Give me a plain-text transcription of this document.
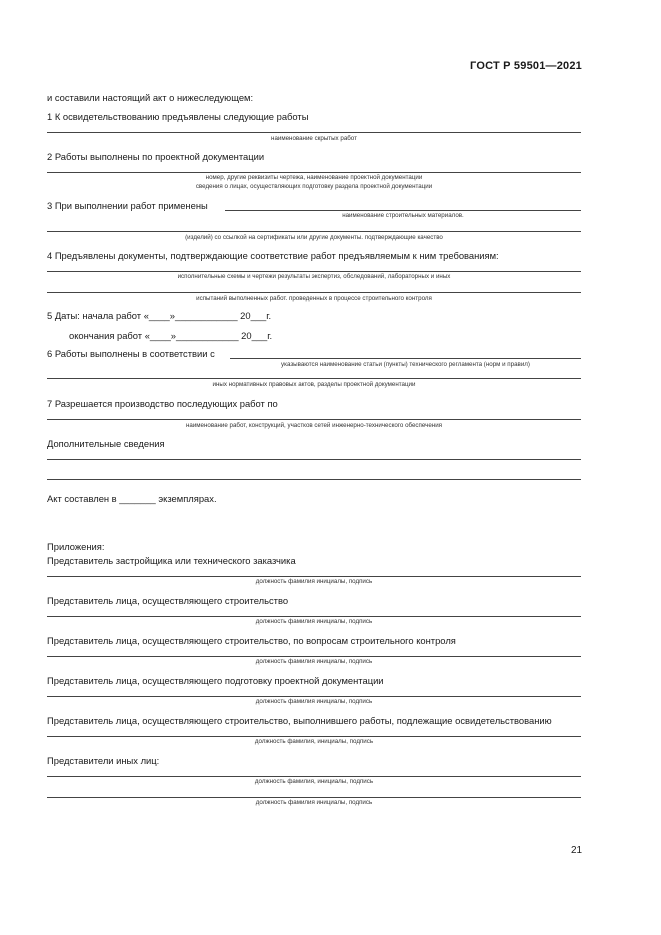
ГОСТ Р 59501—2021
и составили настоящий акт о нижеследующем:
1 К освидетельствованию предъявлены следующие работы
наименование скрытых работ
2 Работы выполнены по проектной документации
номер, другие реквизиты чертежа, наименование проектной документации
сведения о лицах, осуществляющих подготовку раздела проектной документации
3 При выполнении работ применены
наименование строительных материалов.
(изделий) со ссылкой на сертификаты или другие документы. подтверждающие качество
4 Предъявлены документы, подтверждающие соответствие работ предъявляемым к ним требованиям:
исполнительные схемы и чертежи результаты экспертиз, обследований, лабораторных и иных
испытаний выполненных работ. проведенных в процессе строительного контроля
5 Даты: начала работ «____»____________ 20___г.
окончания работ «____»____________ 20___г.
6 Работы выполнены в соответствии с
указываются наименование статьи (пункты) технического регламента (норм и правил)
иных нормативных правовых актов, разделы проектной документации
7 Разрешается производство последующих работ по
наименование работ, конструкций, участков сетей инженерно-технического обеспечения
Дополнительные сведения
Акт составлен в _______ экземплярах.
Приложения:
Представитель застройщика или технического заказчика
должность фамилия инициалы, подпись
Представитель лица, осуществляющего строительство
должность фамилия инициалы, подпись
Представитель лица, осуществляющего строительство, по вопросам строительного контроля
должность фамилия инициалы, подпись
Представитель лица, осуществляющего подготовку проектной документации
должность фамилия инициалы, подпись
Представитель лица, осуществляющего строительство, выполнившего работы, подлежащие освидетельствованию
должность фамилия, инициалы, подпись
Представители иных лиц:
должность фамилия, инициалы, подпись
должность фамилия инициалы, подпись
21
